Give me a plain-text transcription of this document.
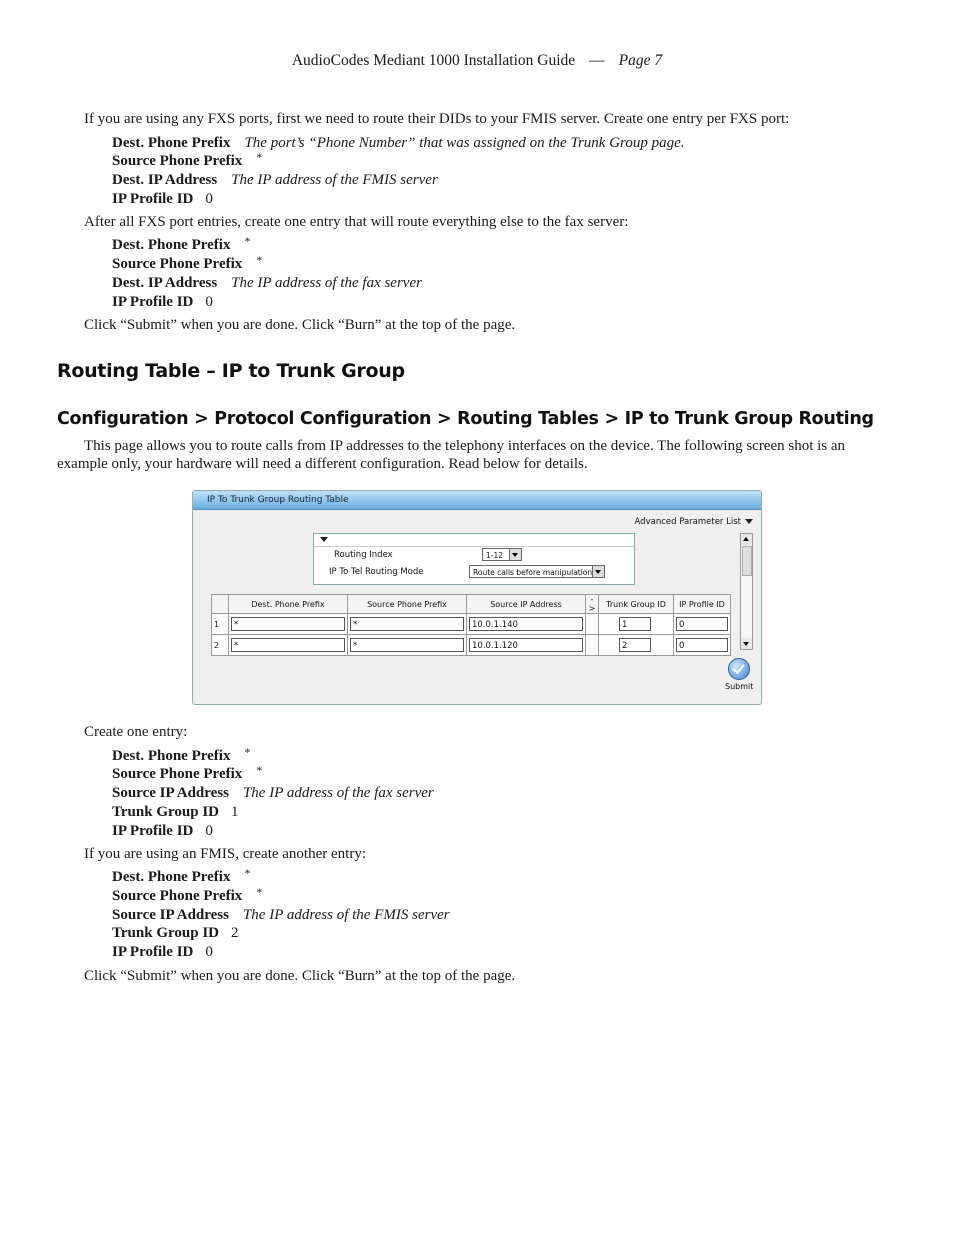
AudioCodes Mediant 1000 Installation Guide — Page 7
If you are using any FXS ports, first we need to route their DIDs to your FMIS server. Create one entry per FXS port:
Dest. Phone Prefix The port’s “Phone Number” that was assigned on the Trunk Group page.
Source Phone Prefix *
Dest. IP Address The IP address of the FMIS server
IP Profile ID 0
After all FXS port entries, create one entry that will route everything else to the fax server:
Dest. Phone Prefix *
Source Phone Prefix *
Dest. IP Address The IP address of the fax server
IP Profile ID 0
Click “Submit” when you are done. Click “Burn” at the top of the page.
Routing Table – IP to Trunk Group
Configuration > Protocol Configuration > Routing Tables > IP to Trunk Group Routing
This page allows you to route calls from IP addresses to the telephony interfaces on the device. The following screen shot is an
example only, your hardware will need a different configuration. Read below for details.
IP To Trunk Group Routing Table
Advanced Parameter List
Routing Index	1-12
IP To Tel Routing Mode	Route calls before manipulation
	Dest. Phone Prefix	Source Phone Prefix	Source IP Address	->	Trunk Group ID	IP Profile ID
1	*	*	10.0.1.140		1	0

2	*	*	10.0.1.120		2	0
Submit
Create one entry:
Dest. Phone Prefix *
Source Phone Prefix *
Source IP Address The IP address of the fax server
Trunk Group ID 1
IP Profile ID 0
If you are using an FMIS, create another entry:
Dest. Phone Prefix *
Source Phone Prefix *
Source IP Address The IP address of the FMIS server
Trunk Group ID 2
IP Profile ID 0
Click “Submit” when you are done. Click “Burn” at the top of the page.
